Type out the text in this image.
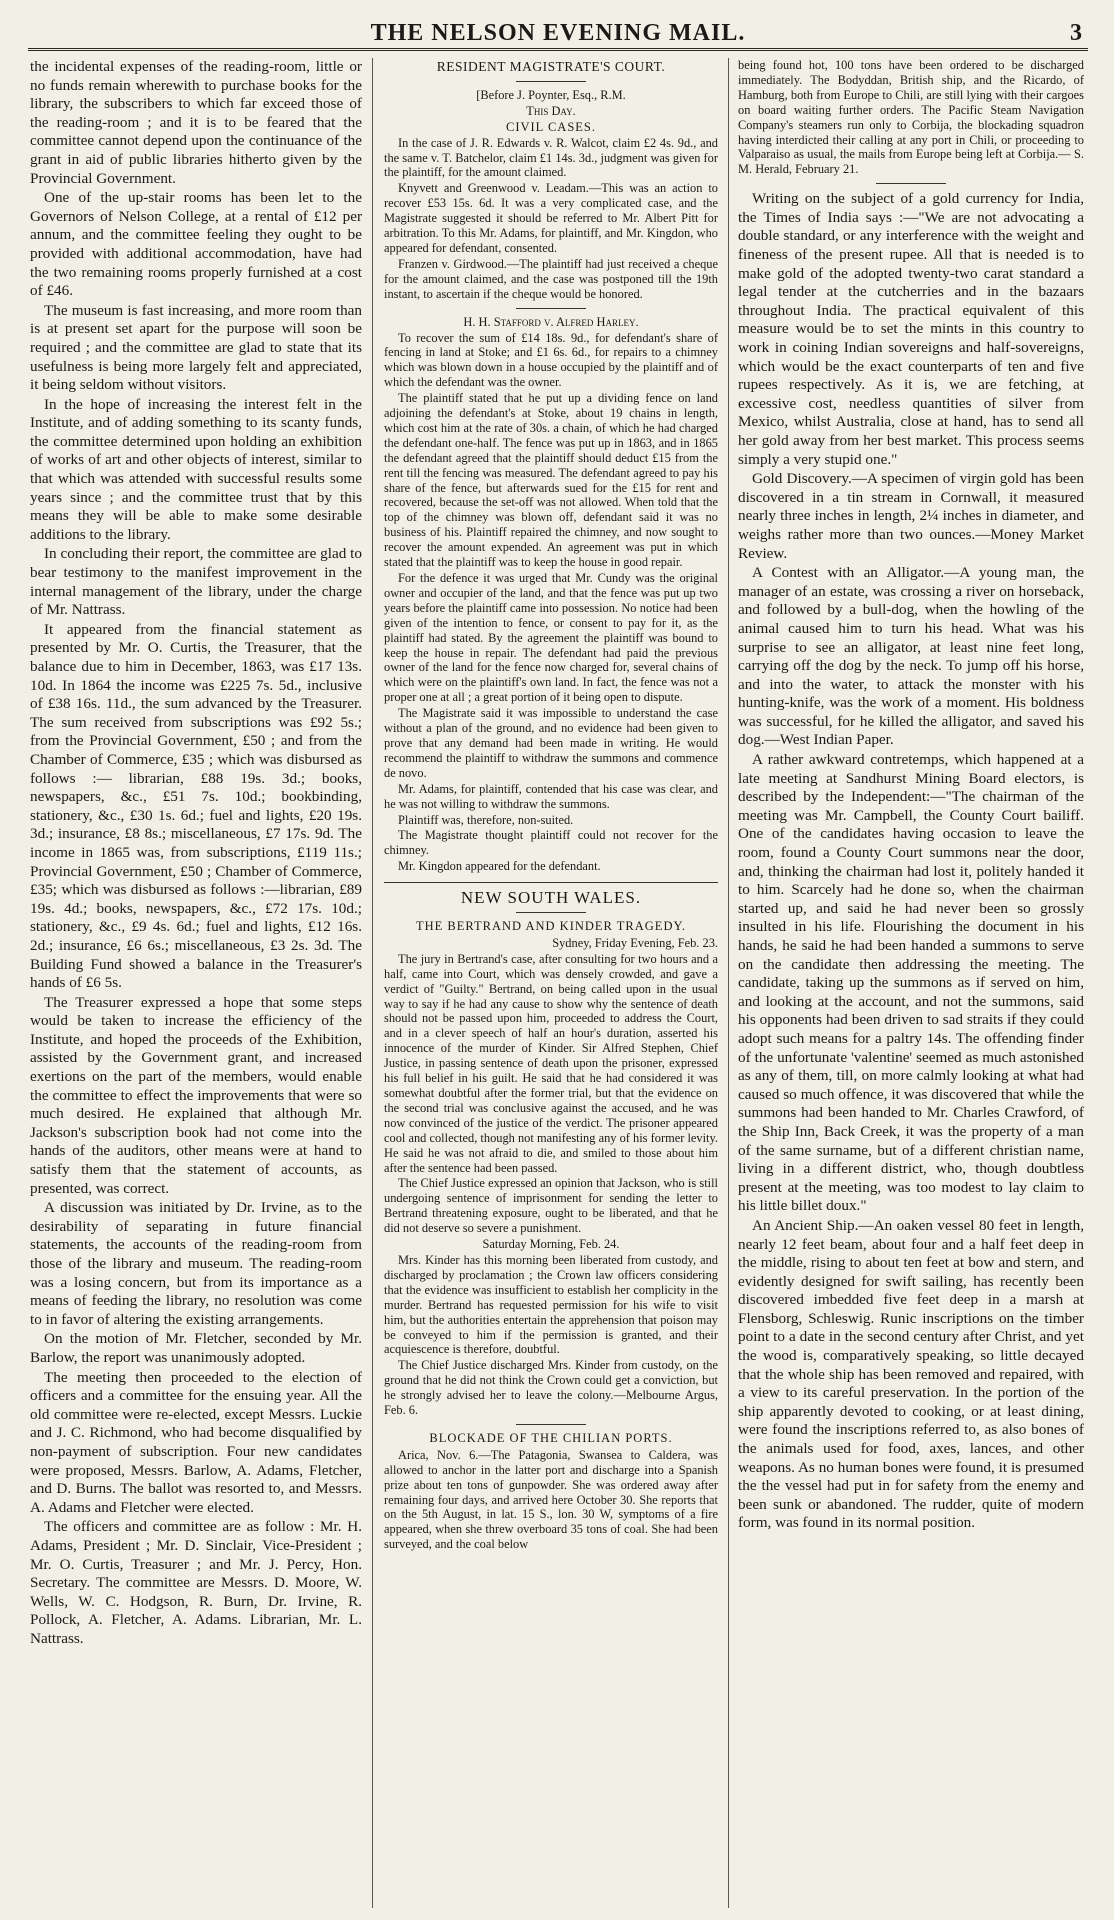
THE NELSON EVENING MAIL.	3

the incidental expenses of the reading-room, little or no funds remain wherewith to purchase books for the library, the subscribers to which far exceed those of the reading-room ; and it is to be feared that the committee cannot depend upon the continuance of the grant in aid of public libraries hitherto given by the Provincial Government.

One of the up-stair rooms has been let to the Governors of Nelson College, at a rental of £12 per annum, and the committee feeling they ought to be provided with additional accommodation, have had the two remaining rooms properly furnished at a cost of £46.

The museum is fast increasing, and more room than is at present set apart for the purpose will soon be required ; and the committee are glad to state that its usefulness is being more largely felt and appreciated, it being seldom without visitors.

In the hope of increasing the interest felt in the Institute, and of adding something to its scanty funds, the committee determined upon holding an exhibition of works of art and other objects of interest, similar to that which was attended with successful results some years since ; and the committee trust that by this means they will be able to make some desirable additions to the library.

In concluding their report, the committee are glad to bear testimony to the manifest improvement in the internal management of the library, under the charge of Mr. Nattrass.

It appeared from the financial statement as presented by Mr. O. Curtis, the Treasurer, that the balance due to him in December, 1863, was £17 13s. 10d. In 1864 the income was £225 7s. 5d., inclusive of £38 16s. 11d., the sum advanced by the Treasurer. The sum received from subscriptions was £92 5s.; from the Provincial Government, £50 ; and from the Chamber of Commerce, £35 ; which was disbursed as follows :— librarian, £88 19s. 3d.; books, newspapers, &c., £51 7s. 10d.; bookbinding, stationery, &c., £30 1s. 6d.; fuel and lights, £20 19s. 3d.; insurance, £8 8s.; miscellaneous, £7 17s. 9d. The income in 1865 was, from subscriptions, £119 11s.; Provincial Government, £50 ; Chamber of Commerce, £35; which was disbursed as follows :—librarian, £89 19s. 4d.; books, newspapers, &c., £72 17s. 10d.; stationery, &c., £9 4s. 6d.; fuel and lights, £12 16s. 2d.; insurance, £6 6s.; miscellaneous, £3 2s. 3d. The Building Fund showed a balance in the Treasurer's hands of £6 5s.

The Treasurer expressed a hope that some steps would be taken to increase the efficiency of the Institute, and hoped the proceeds of the Exhibition, assisted by the Government grant, and increased exertions on the part of the members, would enable the committee to effect the improvements that were so much desired. He explained that although Mr. Jackson's subscription book had not come into the hands of the auditors, other means were at hand to satisfy them that the statement of accounts, as presented, was correct.

A discussion was initiated by Dr. Irvine, as to the desirability of separating in future financial statements, the accounts of the reading-room from those of the library and museum. The reading-room was a losing concern, but from its importance as a means of feeding the library, no resolution was come to in favor of altering the existing arrangements.

On the motion of Mr. Fletcher, seconded by Mr. Barlow, the report was unanimously adopted.

The meeting then proceeded to the election of officers and a committee for the ensuing year. All the old committee were re-elected, except Messrs. Luckie and J. C. Richmond, who had become disqualified by non-payment of subscription. Four new candidates were proposed, Messrs. Barlow, A. Adams, Fletcher, and D. Burns. The ballot was resorted to, and Messrs. A. Adams and Fletcher were elected.

The officers and committee are as follow : Mr. H. Adams, President ; Mr. D. Sinclair, Vice-President ; Mr. O. Curtis, Treasurer ; and Mr. J. Percy, Hon. Secretary. The committee are Messrs. D. Moore, W. Wells, W. C. Hodgson, R. Burn, Dr. Irvine, R. Pollock, A. Fletcher, A. Adams. Librarian, Mr. L. Nattrass.

RESIDENT MAGISTRATE'S COURT.

[Before J. Poynter, Esq., R.M.

This Day.

CIVIL CASES.

In the case of J. R. Edwards v. R. Walcot, claim £2 4s. 9d., and the same v. T. Batchelor, claim £1 14s. 3d., judgment was given for the plaintiff, for the amount claimed.

Knyvett and Greenwood v. Leadam.—This was an action to recover £53 15s. 6d. It was a very complicated case, and the Magistrate suggested it should be referred to Mr. Albert Pitt for arbitration. To this Mr. Adams, for plaintiff, and Mr. Kingdon, who appeared for defendant, consented.

Franzen v. Girdwood.—The plaintiff had just received a cheque for the amount claimed, and the case was postponed till the 19th instant, to ascertain if the cheque would be honored.

H. H. Stafford v. Alfred Harley.

To recover the sum of £14 18s. 9d., for defendant's share of fencing in land at Stoke; and £1 6s. 6d., for repairs to a chimney which was blown down in a house occupied by the plaintiff and of which the defendant was the owner.

The plaintiff stated that he put up a dividing fence on land adjoining the defendant's at Stoke, about 19 chains in length, which cost him at the rate of 30s. a chain, of which he had charged the defendant one-half. The fence was put up in 1863, and in 1865 the defendant agreed that the plaintiff should deduct £15 from the rent till the fencing was measured. The defendant agreed to pay his share of the fence, but afterwards sued for the £15 for rent and recovered, because the set-off was not allowed. When told that the top of the chimney was blown off, defendant said it was no business of his. Plaintiff repaired the chimney, and now sought to recover the amount expended. An agreement was put in which stated that the plaintiff was to keep the house in good repair.

For the defence it was urged that Mr. Cundy was the original owner and occupier of the land, and that the fence was put up two years before the plaintiff came into possession. No notice had been given of the intention to fence, or consent to pay for it, as the plaintiff had stated. By the agreement the plaintiff was bound to keep the house in repair. The defendant had paid the previous owner of the land for the fence now charged for, several chains of which were on the plaintiff's own land. In fact, the fence was not a proper one at all ; a great portion of it being open to dispute.

The Magistrate said it was impossible to understand the case without a plan of the ground, and no evidence had been given to prove that any demand had been made in writing. He would recommend the plaintiff to withdraw the summons and commence de novo.

Mr. Adams, for plaintiff, contended that his case was clear, and he was not willing to withdraw the summons.

Plaintiff was, therefore, non-suited.

The Magistrate thought plaintiff could not recover for the chimney.

Mr. Kingdon appeared for the defendant.

NEW SOUTH WALES.
THE BERTRAND AND KINDER TRAGEDY.

Sydney, Friday Evening, Feb. 23.

The jury in Bertrand's case, after consulting for two hours and a half, came into Court, which was densely crowded, and gave a verdict of "Guilty." Bertrand, on being called upon in the usual way to say if he had any cause to show why the sentence of death should not be passed upon him, proceeded to address the Court, and in a clever speech of half an hour's duration, asserted his innocence of the murder of Kinder. Sir Alfred Stephen, Chief Justice, in passing sentence of death upon the prisoner, expressed his full belief in his guilt. He said that he had considered it was somewhat doubtful after the former trial, but that the evidence on the second trial was conclusive against the accused, and he was now convinced of the justice of the verdict. The prisoner appeared cool and collected, though not manifesting any of his former levity. He said he was not afraid to die, and smiled to those about him after the sentence had been passed.

The Chief Justice expressed an opinion that Jackson, who is still undergoing sentence of imprisonment for sending the letter to Bertrand threatening exposure, ought to be liberated, and that he did not deserve so severe a punishment.

Saturday Morning, Feb. 24.

Mrs. Kinder has this morning been liberated from custody, and discharged by proclamation ; the Crown law officers considering that the evidence was insufficient to establish her complicity in the murder. Bertrand has requested permission for his wife to visit him, but the authorities entertain the apprehension that poison may be conveyed to him if the permission is granted, and their acquiescence is therefore, doubtful.

The Chief Justice discharged Mrs. Kinder from custody, on the ground that he did not think the Crown could get a conviction, but he strongly advised her to leave the colony.—Melbourne Argus, Feb. 6.

BLOCKADE OF THE CHILIAN PORTS.

Arica, Nov. 6.—The Patagonia, Swansea to Caldera, was allowed to anchor in the latter port and discharge into a Spanish prize about ten tons of gunpowder. She was ordered away after remaining four days, and arrived here October 30. She reports that on the 5th August, in lat. 15 S., lon. 30 W, symptoms of a fire appeared, when she threw overboard 35 tons of coal. She had been surveyed, and the coal below

being found hot, 100 tons have been ordered to be discharged immediately. The Bodyddan, British ship, and the Ricardo, of Hamburg, both from Europe to Chili, are still lying with their cargoes on board waiting further orders. The Pacific Steam Navigation Company's steamers run only to Corbija, the blockading squadron having interdicted their calling at any port in Chili, or proceeding to Valparaiso as usual, the mails from Europe being left at Corbija.— S. M. Herald, February 21.

Writing on the subject of a gold currency for India, the Times of India says :—"We are not advocating a double standard, or any interference with the weight and fineness of the present rupee. All that is needed is to make gold of the adopted twenty-two carat standard a legal tender at the cutcherries and in the bazaars throughout India. The practical equivalent of this measure would be to set the mints in this country to work in coining Indian sovereigns and half-sovereigns, which would be the exact counterparts of ten and five rupees respectively. As it is, we are fetching, at excessive cost, needless quantities of silver from Mexico, whilst Australia, close at hand, has to send all her gold away from her best market. This process seems simply a very stupid one."

Gold Discovery.—A specimen of virgin gold has been discovered in a tin stream in Cornwall, it measured nearly three inches in length, 2¼ inches in diameter, and weighs rather more than two ounces.—Money Market Review.

A Contest with an Alligator.—A young man, the manager of an estate, was crossing a river on horseback, and followed by a bull-dog, when the howling of the animal caused him to turn his head. What was his surprise to see an alligator, at least nine feet long, carrying off the dog by the neck. To jump off his horse, and into the water, to attack the monster with his hunting-knife, was the work of a moment. His boldness was successful, for he killed the alligator, and saved his dog.—West Indian Paper.

A rather awkward contretemps, which happened at a late meeting at Sandhurst Mining Board electors, is described by the Independent:—"The chairman of the meeting was Mr. Campbell, the County Court bailiff. One of the candidates having occasion to leave the room, found a County Court summons near the door, and, thinking the chairman had lost it, politely handed it to him. Scarcely had he done so, when the chairman started up, and said he had never been so grossly insulted in his life. Flourishing the document in his hands, he said he had been handed a summons to serve on the candidate then addressing the meeting. The candidate, taking up the summons as if served on him, and looking at the account, and not the summons, said his opponents had been driven to sad straits if they could adopt such means for a paltry 14s. The offending finder of the unfortunate 'valentine' seemed as much astonished as any of them, till, on more calmly looking at what had caused so much offence, it was discovered that while the summons had been handed to Mr. Charles Crawford, of the Ship Inn, Back Creek, it was the property of a man of the same surname, but of a different christian name, living in a different district, who, though doubtless present at the meeting, was too modest to lay claim to his little billet doux."

An Ancient Ship.—An oaken vessel 80 feet in length, nearly 12 feet beam, about four and a half feet deep in the middle, rising to about ten feet at bow and stern, and evidently designed for swift sailing, has recently been discovered imbedded five feet deep in a marsh at Flensborg, Schleswig. Runic inscriptions on the timber point to a date in the second century after Christ, and yet the wood is, comparatively speaking, so little decayed that the whole ship has been removed and repaired, with a view to its careful preservation. In the portion of the ship apparently devoted to cooking, or at least dining, were found the inscriptions referred to, as also bones of the animals used for food, axes, lances, and other weapons. As no human bones were found, it is presumed the the vessel had put in for safety from the enemy and been sunk or abandoned. The rudder, quite of modern form, was found in its normal position.
